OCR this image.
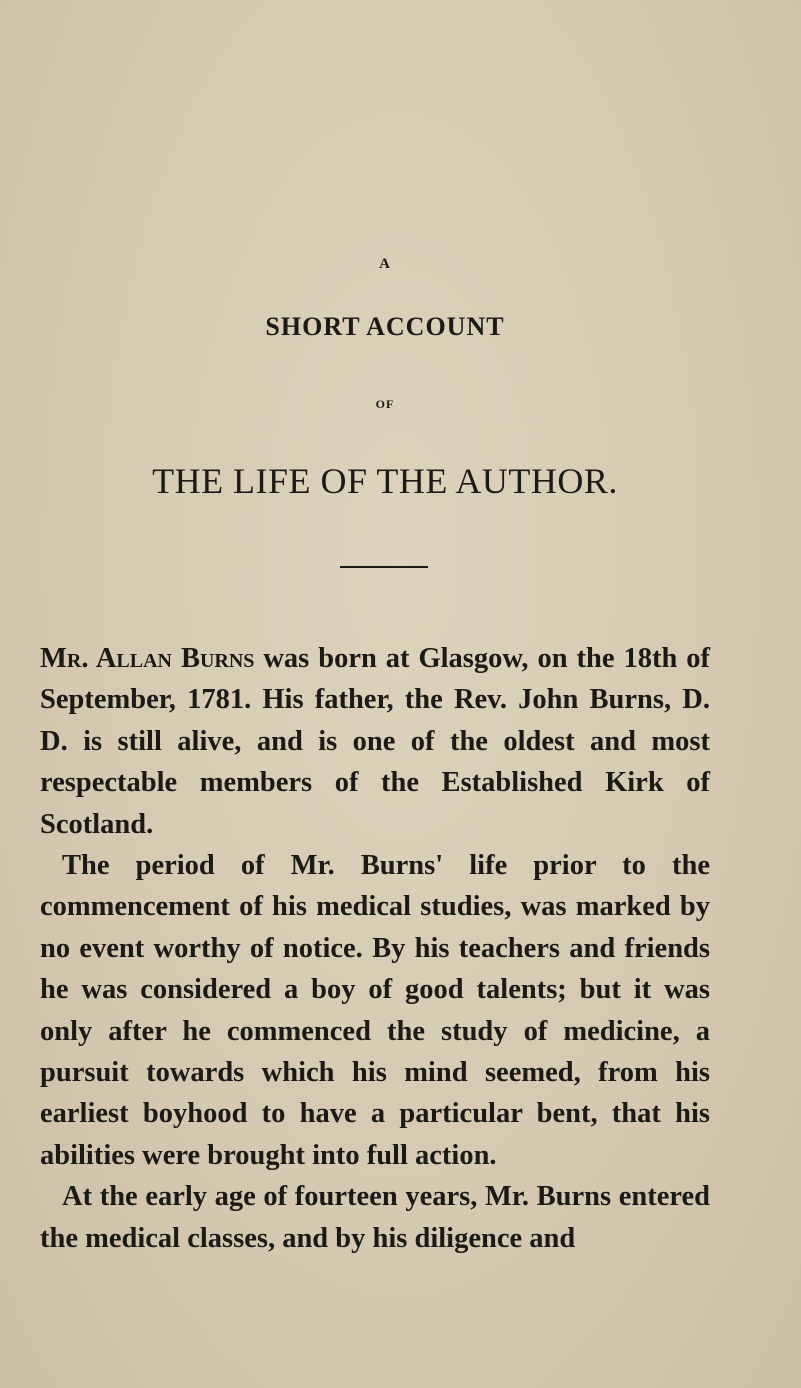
A
SHORT ACCOUNT
OF
THE LIFE OF THE AUTHOR.

Mr. Allan Burns was born at Glasgow, on the 18th of September, 1781. His father, the Rev. John Burns, D. D. is still alive, and is one of the oldest and most respectable members of the Established Kirk of Scotland.

The period of Mr. Burns' life prior to the commencement of his medical studies, was marked by no event worthy of notice. By his teachers and friends he was considered a boy of good talents; but it was only after he commenced the study of medicine, a pursuit towards which his mind seemed, from his earliest boyhood to have a particular bent, that his abilities were brought into full action.

At the early age of fourteen years, Mr. Burns entered the medical classes, and by his diligence and
